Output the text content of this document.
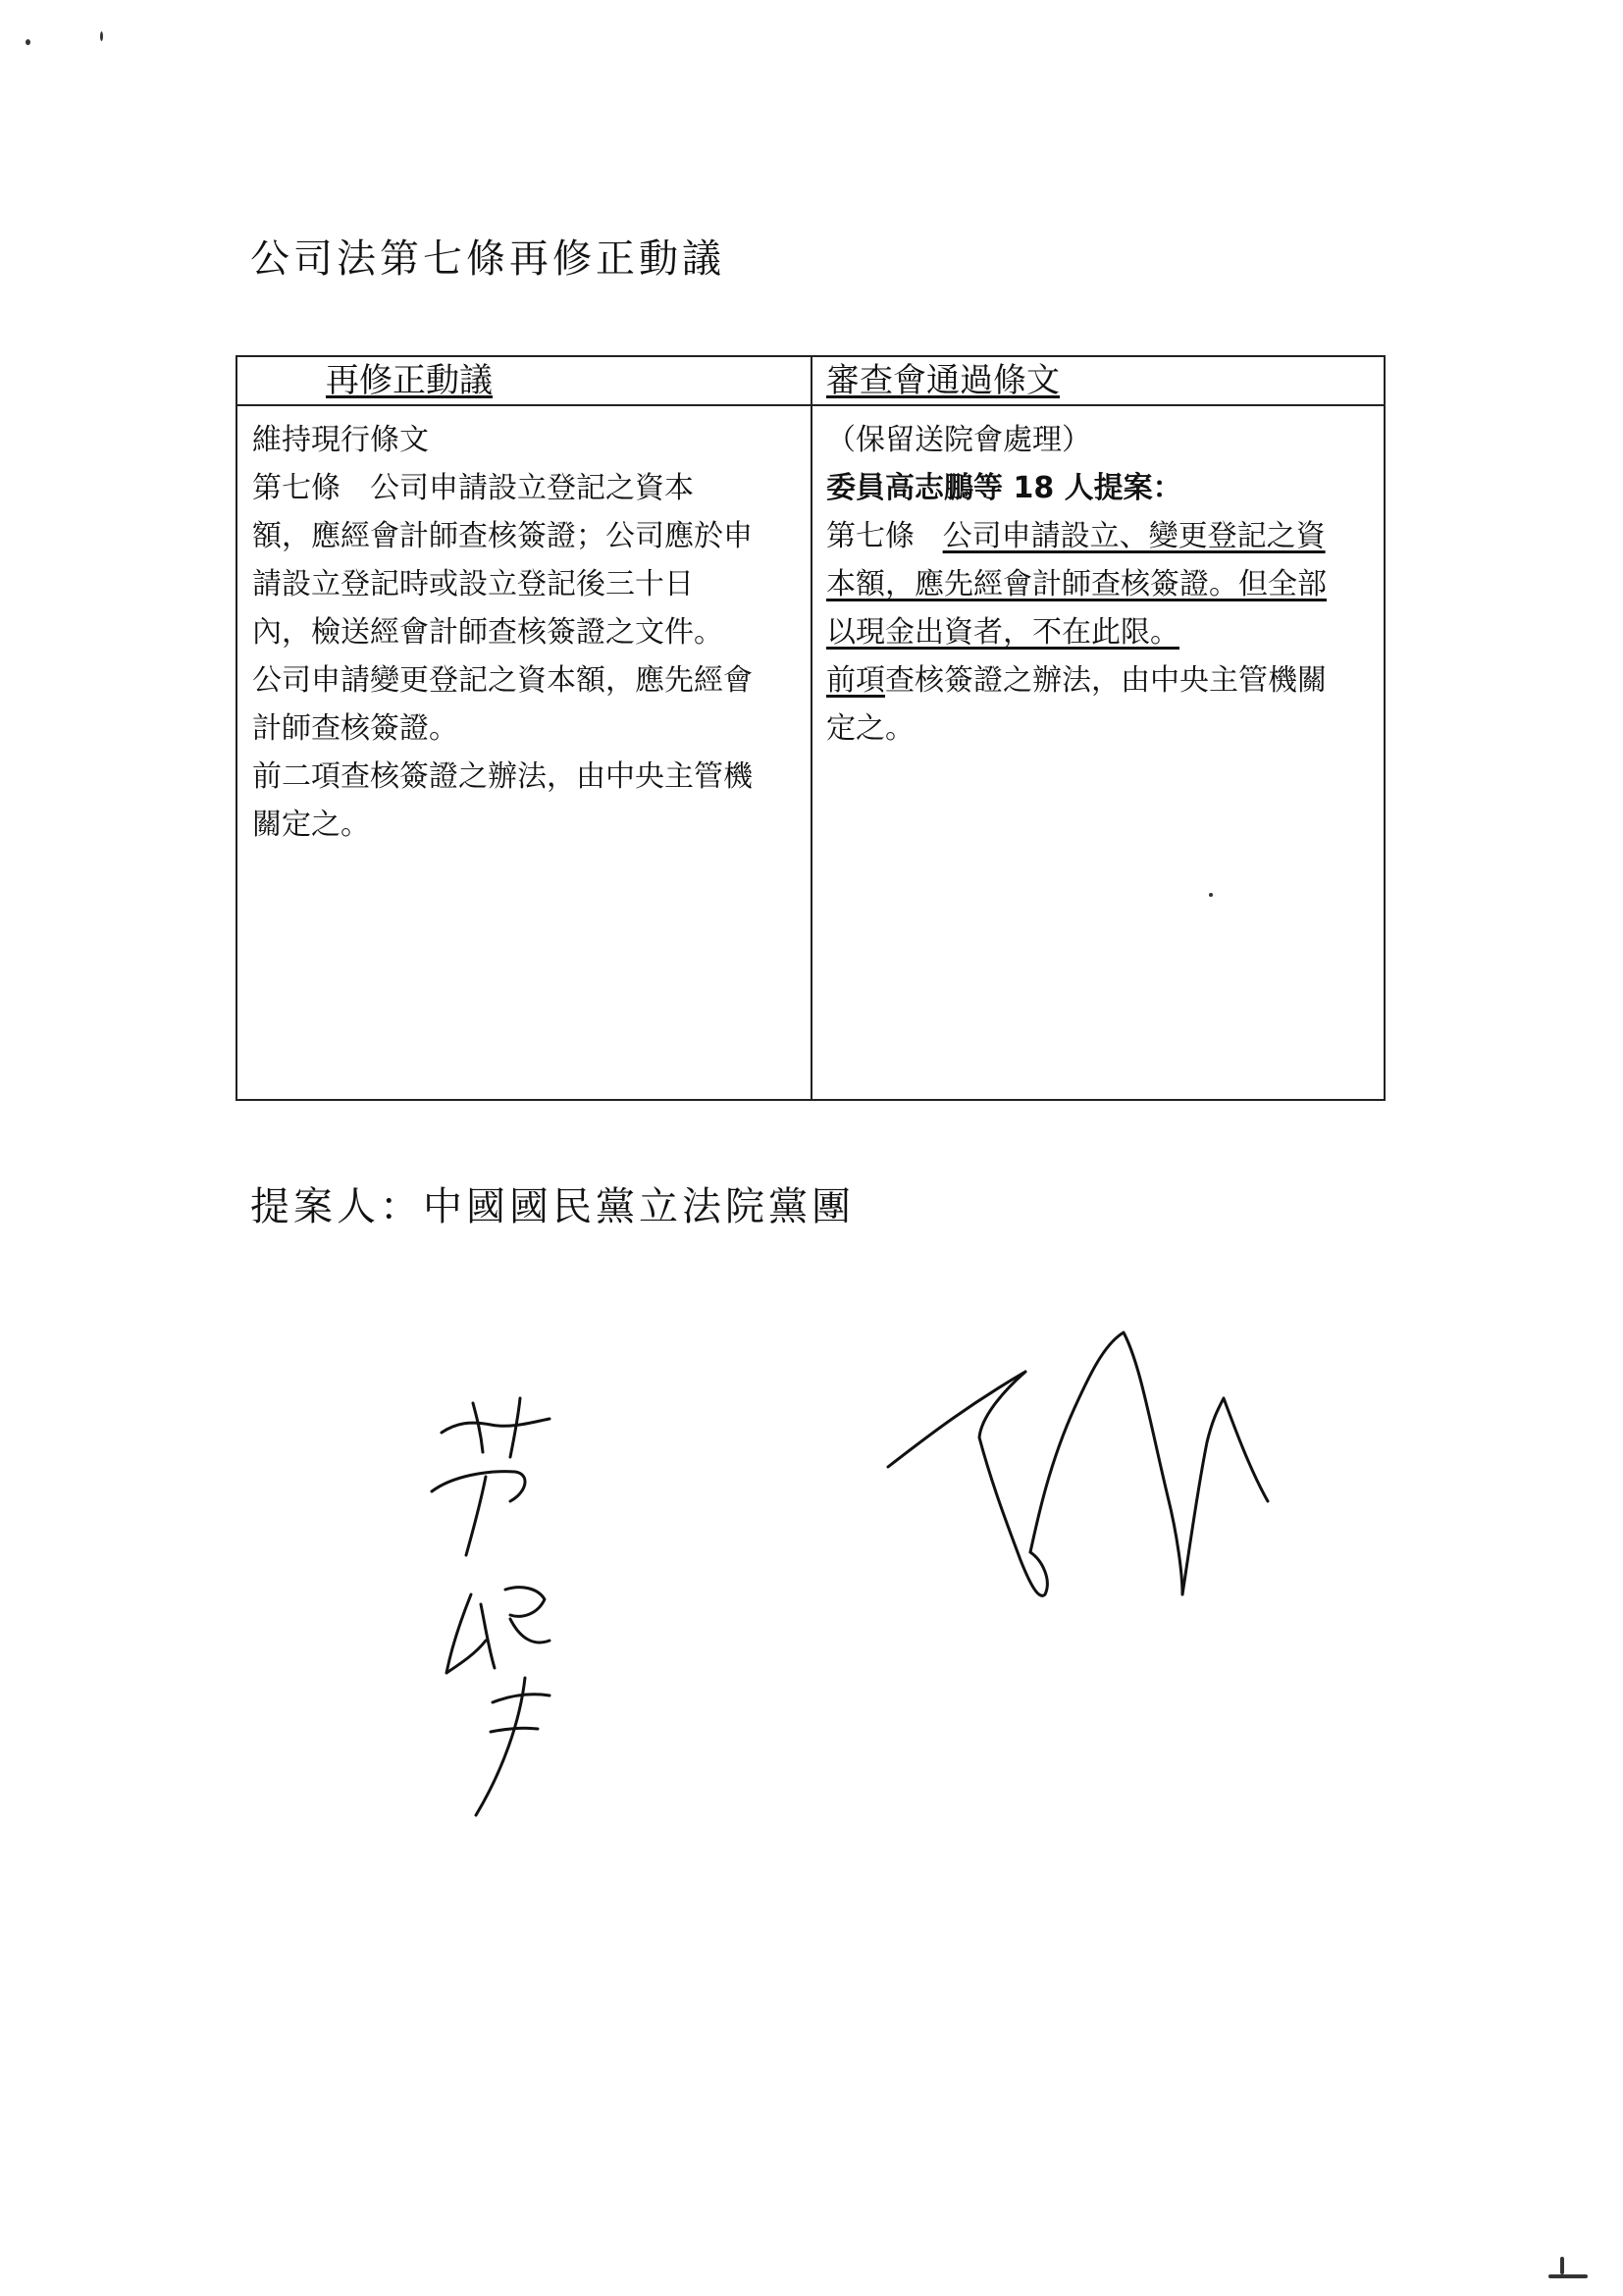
公司法第七條再修正動議
再修正動議	審查會通過條文
維持現行條文
第七條　公司申請設立登記之資本
額，應經會計師查核簽證；公司應於申
請設立登記時或設立登記後三十日
內，檢送經會計師查核簽證之文件。
公司申請變更登記之資本額，應先經會
計師查核簽證。
前二項查核簽證之辦法，由中央主管機
關定之。
（保留送院會處理）
委員高志鵬等 18 人提案：
第七條 公司申請設立、變更登記之資
本額，應先經會計師查核簽證。但全部
以現金出資者，不在此限。
前項查核簽證之辦法，由中央主管機關
定之。
提案人：中國國民黨立法院黨團
